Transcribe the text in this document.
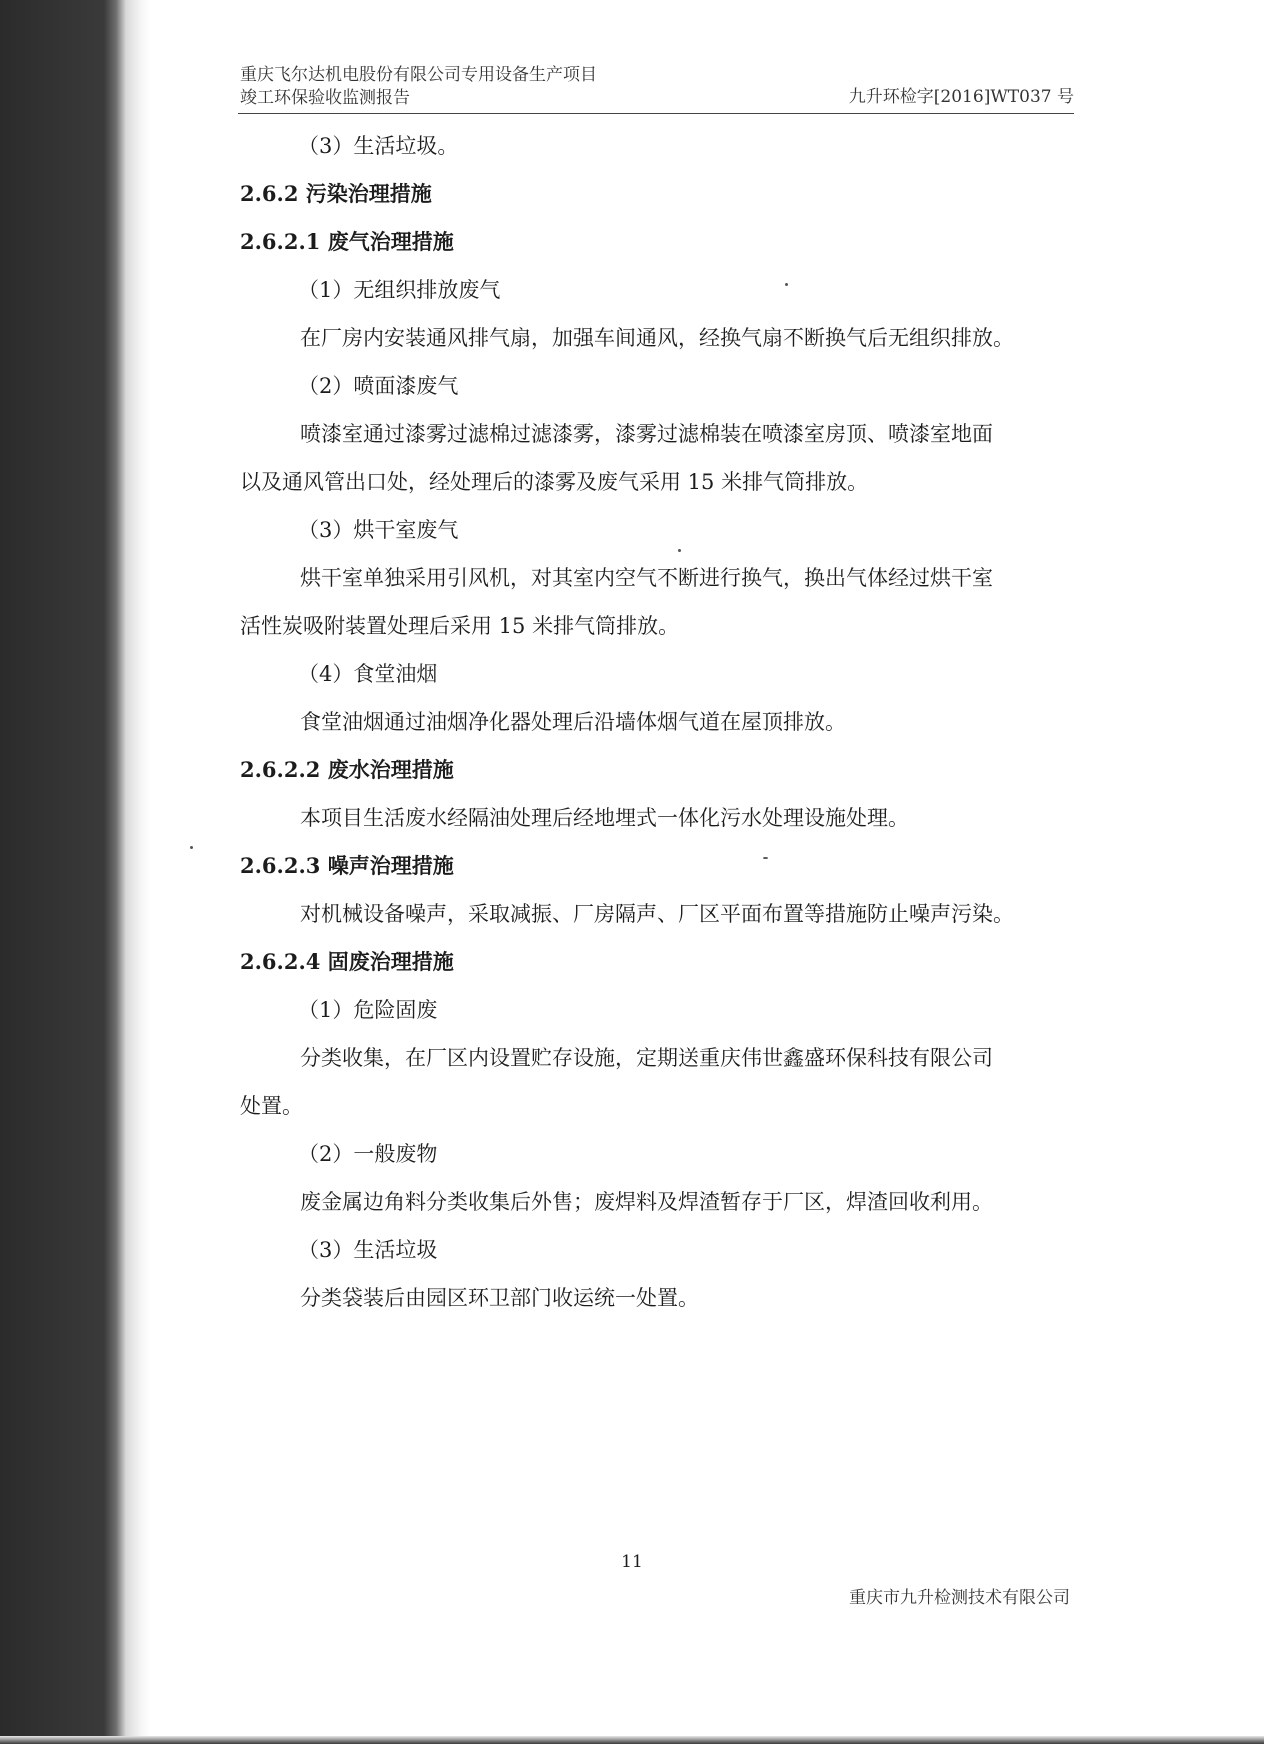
重庆飞尔达机电股份有限公司专用设备生产项目
竣工环保验收监测报告	九升环检字[2016]WT037 号
（3）生活垃圾。
2.6.2 污染治理措施
2.6.2.1 废气治理措施
（1）无组织排放废气
在厂房内安装通风排气扇，加强车间通风，经换气扇不断换气后无组织排放。
（2）喷面漆废气
喷漆室通过漆雾过滤棉过滤漆雾，漆雾过滤棉装在喷漆室房顶、喷漆室地面
以及通风管出口处，经处理后的漆雾及废气采用 15 米排气筒排放。
（3）烘干室废气
烘干室单独采用引风机，对其室内空气不断进行换气，换出气体经过烘干室
活性炭吸附装置处理后采用 15 米排气筒排放。
（4）食堂油烟
食堂油烟通过油烟净化器处理后沿墙体烟气道在屋顶排放。
2.6.2.2 废水治理措施
本项目生活废水经隔油处理后经地埋式一体化污水处理设施处理。
2.6.2.3 噪声治理措施
对机械设备噪声，采取减振、厂房隔声、厂区平面布置等措施防止噪声污染。
2.6.2.4 固废治理措施
（1）危险固废
分类收集，在厂区内设置贮存设施，定期送重庆伟世鑫盛环保科技有限公司
处置。
（2）一般废物
废金属边角料分类收集后外售；废焊料及焊渣暂存于厂区，焊渣回收利用。
（3）生活垃圾
分类袋装后由园区环卫部门收运统一处置。
11
重庆市九升检测技术有限公司
